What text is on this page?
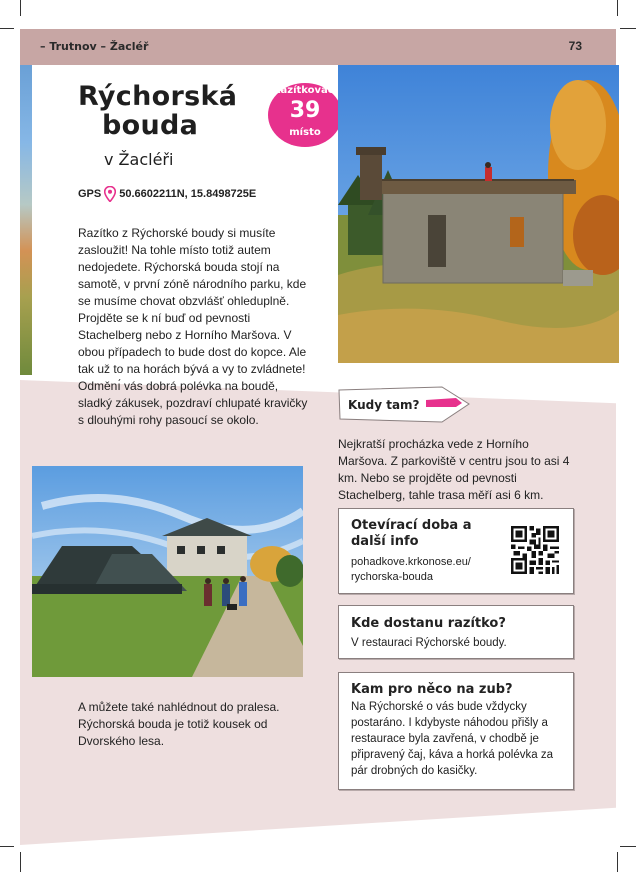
– Trutnov – Žacléř	73
Rýchorská
bouda
v Žacléři
Razítkovací
39
místo
GPS 50.6602211N, 15.8498725E

Razítko z Rýchorské boudy si musíte zasloužit! Na tohle místo totiž autem nedojedete. Rýchorská bouda stojí na samotě, v první zóně národního parku, kde se musíme chovat obzvlášť ohleduplně. Projděte se k ní buď od pevnosti Stachelberg nebo z Horního Maršova. V obou případech to bude dost do kopce. Ale tak už to na horách bývá a vy to zvládnete! Odměnı́ vás dobrá polévka na boudě, sladký zákusek, pozdraví chlupaté kravičky s dlouhými rohy pasoucí se okolo.

A můžete také nahlédnout do pralesa. Rýchorská bouda je totiž kousek od Dvorského lesa.

Kudy tam?

Nejkratší procházka vede z Horního Maršova. Z parkoviště v centru jsou to asi 4 km. Nebo se projděte od pevnosti Stachelberg, tahle trasa měří asi 6 km.

Otevírací doba a další info
pohadkove.krkonose.eu/
rychorska-bouda
Kde dostanu razítko?

V restauraci Rýchorské boudy.

Kam pro něco na zub?

Na Rýchorské o vás bude vždycky postaráno. I kdybyste náhodou přišly a restaurace byla zavřená, v chodbě je připravený čaj, káva a horká polévka za pár drobných do kasičky.
